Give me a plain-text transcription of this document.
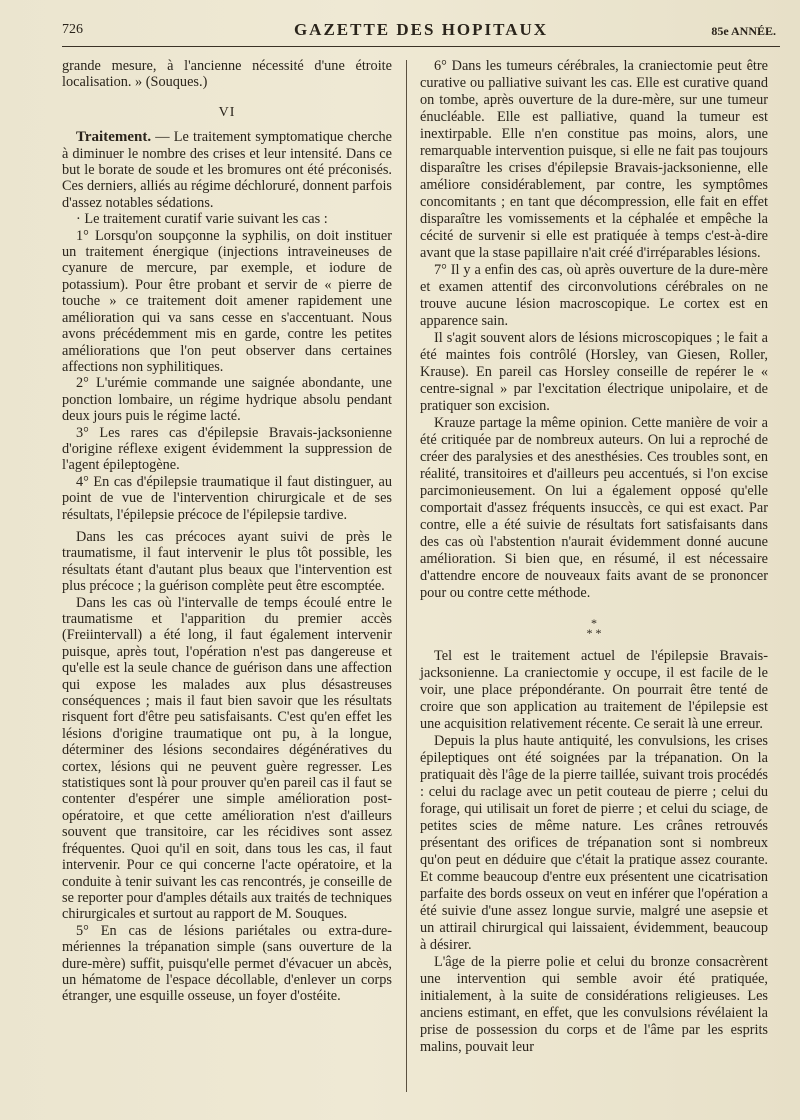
726	GAZETTE DES HOPITAUX	85e ANNÉE.

grande mesure, à l'ancienne nécessité d'une étroite localisation. » (Souques.)

VI

Traitement. — Le traitement symptomatique cherche à diminuer le nombre des crises et leur intensité. Dans ce but le borate de soude et les bromures ont été préconisés. Ces derniers, alliés au régime déchloruré, donnent parfois d'assez notables sédations.

· Le traitement curatif varie suivant les cas :

1° Lorsqu'on soupçonne la syphilis, on doit instituer un traitement énergique (injections intraveineuses de cyanure de mercure, par exemple, et iodure de potassium). Pour être probant et servir de « pierre de touche » ce traitement doit amener rapidement une amélioration qui va sans cesse en s'accentuant. Nous avons précédemment mis en garde, contre les petites améliorations que l'on peut observer dans certaines affections non syphilitiques.

2° L'urémie commande une saignée abondante, une ponction lombaire, un régime hydrique absolu pendant deux jours puis le régime lacté.

3° Les rares cas d'épilepsie Bravais-jacksonienne d'origine réflexe exigent évidemment la suppression de l'agent épileptogène.

4° En cas d'épilepsie traumatique il faut distinguer, au point de vue de l'intervention chirurgicale et de ses résultats, l'épilepsie précoce de l'épilepsie tardive.

Dans les cas précoces ayant suivi de près le traumatisme, il faut intervenir le plus tôt possible, les résultats étant d'autant plus beaux que l'intervention est plus précoce ; la guérison complète peut être escomptée.

Dans les cas où l'intervalle de temps écoulé entre le traumatisme et l'apparition du premier accès (Freiintervall) a été long, il faut également intervenir puisque, après tout, l'opération n'est pas dangereuse et qu'elle est la seule chance de guérison dans une affection qui expose les malades aux plus désastreuses conséquences ; mais il faut bien savoir que les résultats risquent fort d'être peu satisfaisants. C'est qu'en effet les lésions d'origine traumatique ont pu, à la longue, déterminer des lésions secondaires dégénératives du cortex, lésions qui ne peuvent guère regresser. Les statistiques sont là pour prouver qu'en pareil cas il faut se contenter d'espérer une simple amélioration post-opératoire, et que cette amélioration n'est d'ailleurs souvent que transitoire, car les récidives sont assez fréquentes. Quoi qu'il en soit, dans tous les cas, il faut intervenir. Pour ce qui concerne l'acte opératoire, et la conduite à tenir suivant les cas rencontrés, je conseille de se reporter pour d'amples détails aux traités de techniques chirurgicales et surtout au rapport de M. Souques.

5° En cas de lésions pariétales ou extra-dure-mériennes la trépanation simple (sans ouverture de la dure-mère) suffit, puisqu'elle permet d'évacuer un abcès, un hématome de l'espace décollable, d'enlever un corps étranger, une esquille osseuse, un foyer d'ostéite.

6° Dans les tumeurs cérébrales, la craniectomie peut être curative ou palliative suivant les cas. Elle est curative quand on tombe, après ouverture de la dure-mère, sur une tumeur énucléable. Elle est palliative, quand la tumeur est inextirpable. Elle n'en constitue pas moins, alors, une remarquable intervention puisque, si elle ne fait pas toujours disparaître les crises d'épilepsie Bravais-jacksonienne, elle améliore considérablement, par contre, les symptômes concomitants ; en tant que décompression, elle fait en effet disparaître les vomissements et la céphalée et empêche la cécité de survenir si elle est pratiquée à temps c'est-à-dire avant que la stase papillaire n'ait créé d'irréparables lésions.

7° Il y a enfin des cas, où après ouverture de la dure-mère et examen attentif des circonvolutions cérébrales on ne trouve aucune lésion macroscopique. Le cortex est en apparence sain.

Il s'agit souvent alors de lésions microscopiques ; le fait a été maintes fois contrôlé (Horsley, van Giesen, Roller, Krause). En pareil cas Horsley conseille de repérer le « centre-signal » par l'excitation électrique unipolaire, et de pratiquer son excision.

Krauze partage la même opinion. Cette manière de voir a été critiquée par de nombreux auteurs. On lui a reproché de créer des paralysies et des anesthésies. Ces troubles sont, en réalité, transitoires et d'ailleurs peu accentués, si l'on excise parcimonieusement. On lui a également opposé qu'elle comportait d'assez fréquents insuccès, ce qui est exact. Par contre, elle a été suivie de résultats fort satisfaisants dans des cas où l'abstention n'aurait évidemment donné aucune amélioration. Si bien que, en résumé, il est nécessaire d'attendre encore de nouveaux faits avant de se prononcer pour ou contre cette méthode.

*
* *

Tel est le traitement actuel de l'épilepsie Bravais-jacksonienne. La craniectomie y occupe, il est facile de le voir, une place prépondérante. On pourrait être tenté de croire que son application au traitement de l'épilepsie est une acquisition relativement récente. Ce serait là une erreur.

Depuis la plus haute antiquité, les convulsions, les crises épileptiques ont été soignées par la trépanation. On la pratiquait dès l'âge de la pierre taillée, suivant trois procédés : celui du raclage avec un petit couteau de pierre ; celui du forage, qui utilisait un foret de pierre ; et celui du sciage, de petites scies de même nature. Les crânes retrouvés présentant des orifices de trépanation sont si nombreux qu'on peut en déduire que c'était la pratique assez courante. Et comme beaucoup d'entre eux présentent une cicatrisation parfaite des bords osseux on veut en inférer que l'opération a été suivie d'une assez longue survie, malgré une asepsie et un attirail chirurgical qui laissaient, évidemment, beaucoup à désirer.

L'âge de la pierre polie et celui du bronze consacrèrent une intervention qui semble avoir été pratiquée, initialement, à la suite de considérations religieuses. Les anciens estimant, en effet, que les convulsions révélaient la prise de possession du corps et de l'âme par les esprits malins, pouvait leur
